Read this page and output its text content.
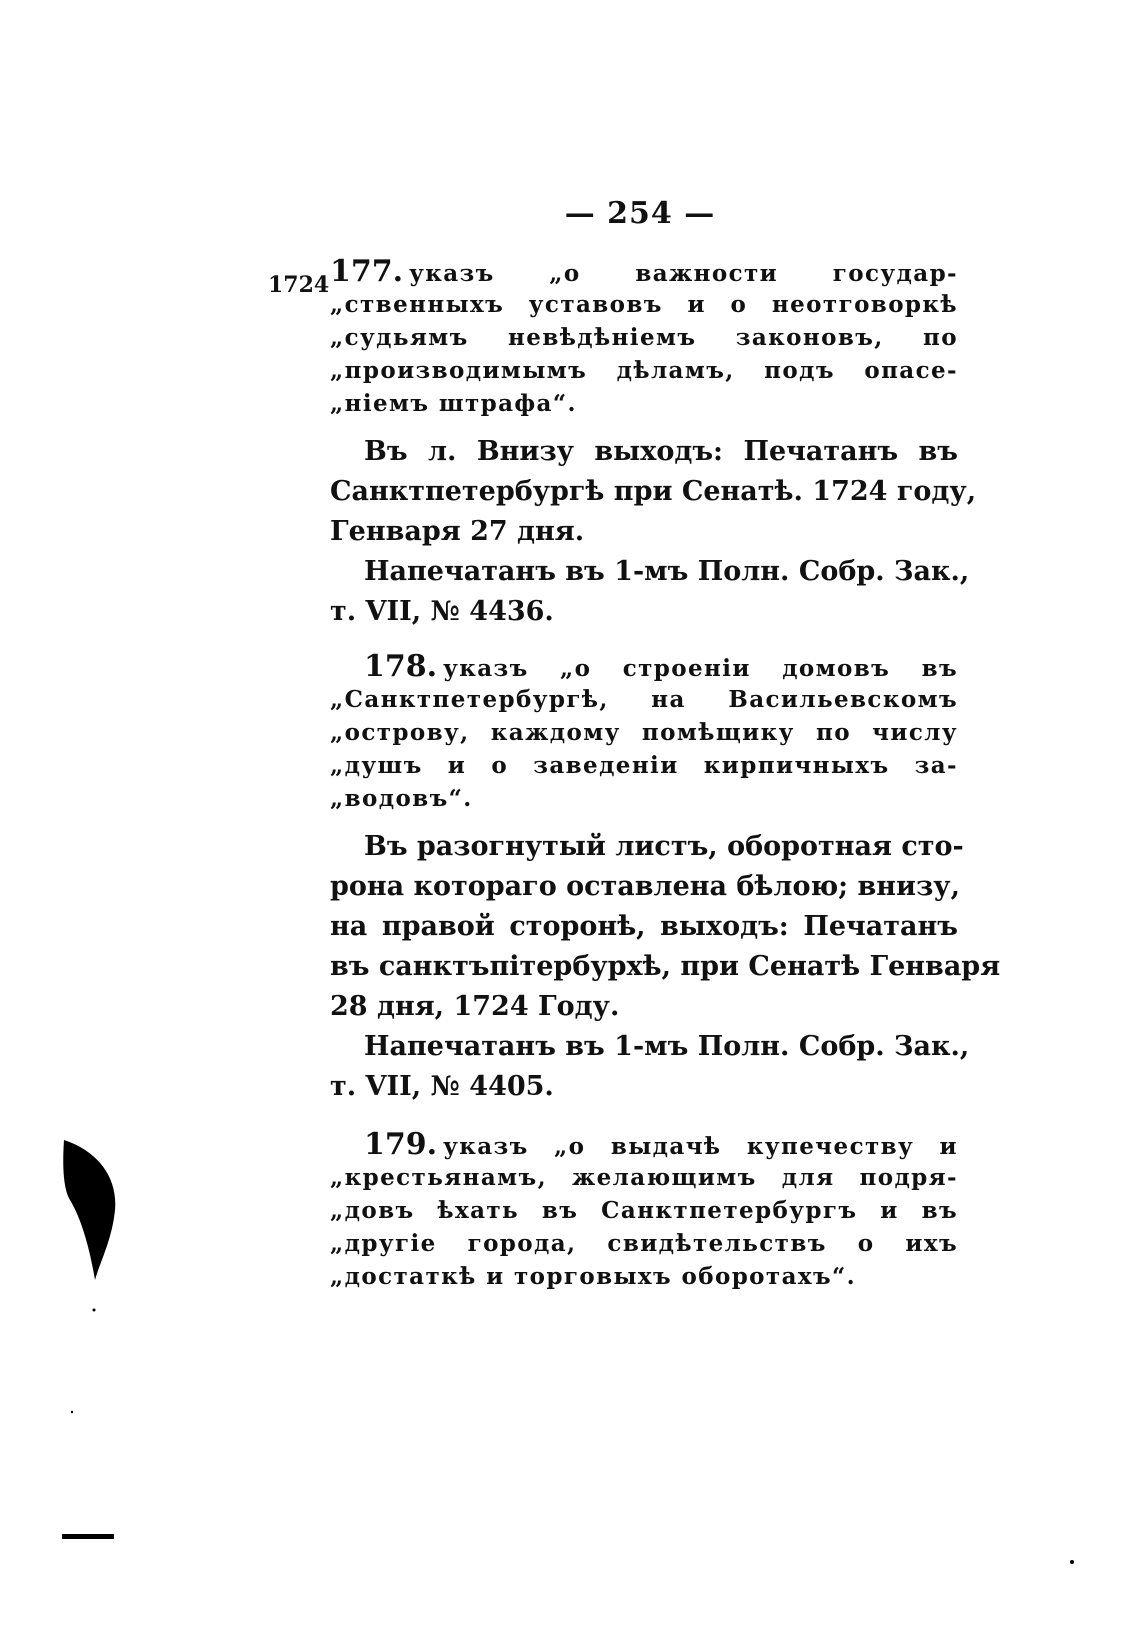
— 254 —
1724 177. указъ „о важности государ-
„ственныхъ уставовъ и о неотговоркѣ
„судьямъ невѣдѣніемъ законовъ, по
„производимымъ дѣламъ, подъ опасе-
„ніемъ штрафа“.
Въ л. Внизу выходъ: Печатанъ въ
Санктпетербургѣ при Сенатѣ. 1724 году,
Генваря 27 дня.
Напечатанъ въ 1-мъ Полн. Собр. Зак.,
т. VII, № 4436.
178. указъ „о строеніи домовъ въ
„Санктпетербургѣ, на Васильевскомъ
„острову, каждому помѣщику по числу
„душъ и о заведеніи кирпичныхъ за-
„водовъ“.
Въ разогнутый листъ, оборотная сто-
рона котораго оставлена бѣлою; внизу,
на правой сторонѣ, выходъ: Печатанъ
въ санктъпітербурхѣ, при Сенатѣ Генваря
28 дня, 1724 Году.
Напечатанъ въ 1-мъ Полн. Собр. Зак.,
т. VII, № 4405.
179. указъ „о выдачѣ купечеству и
„крестьянамъ, желающимъ для подря-
„довъ ѣхать въ Санктпетербургъ и въ
„другіе города, свидѣтельствъ о ихъ
„достаткѣ и торговыхъ оборотахъ“.
